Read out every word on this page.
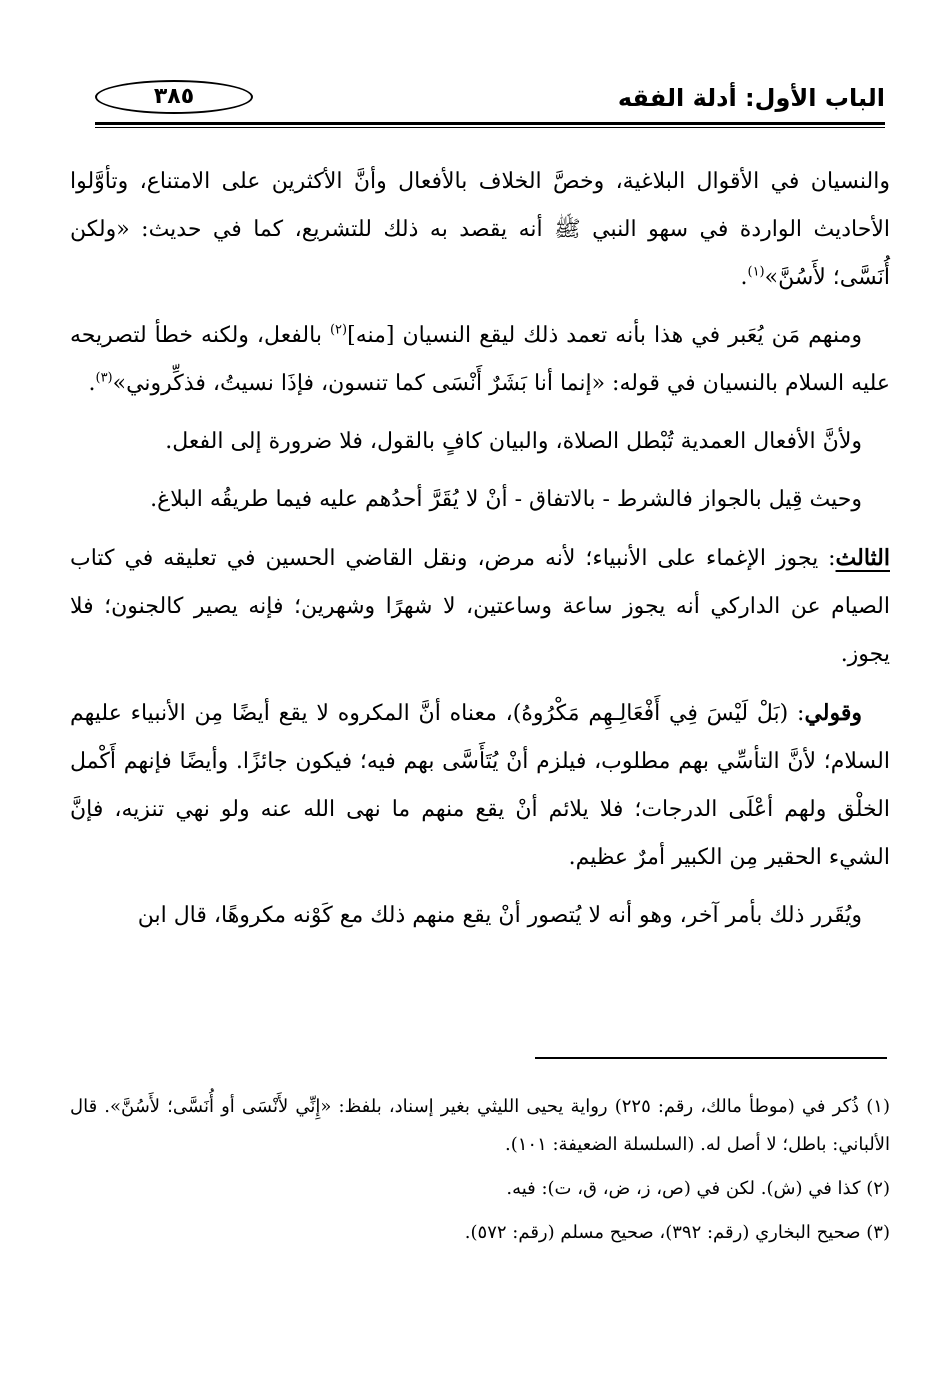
الباب الأول: أدلة الفقه
٣٨٥

والنسيان في الأقوال البلاغية، وخصَّ الخلاف بالأفعال وأنَّ الأكثرين على الامتناع، وتأوَّلوا الأحاديث الواردة في سهو النبي ﷺ أنه يقصد به ذلك للتشريع، كما في حديث: «ولكن أُنَسَّى؛ لأَسُنَّ»$^{(١)}$.

ومنهم مَن يُعَبر في هذا بأنه تعمد ذلك ليقع النسيان [منه]$^{(٢)}$ بالفعل، ولكنه خطأ لتصريحه عليه السلام بالنسيان في قوله: «إنما أنا بَشَرٌ أَنْسَى كما تنسون، فإذَا نسيتُ، فذكِّروني»$^{(٣)}$.

ولأنَّ الأفعال العمدية تُبْطل الصلاة، والبيان كافٍ بالقول، فلا ضرورة إلى الفعل.

وحيث قِيل بالجواز فالشرط - بالاتفاق - أنْ لا يُقَرَّ أحدُهم عليه فيما طريقُه البلاغ.

الثالث: يجوز الإغماء على الأنبياء؛ لأنه مرض، ونقل القاضي الحسين في تعليقه في كتاب الصيام عن الداركي أنه يجوز ساعة وساعتين، لا شهرًا وشهرين؛ فإنه يصير كالجنون؛ فلا يجوز.

وقولي: (بَلْ لَيْسَ فِي أَفْعَالِـهِم مَكْرُوهُ)، معناه أنَّ المكروه لا يقع أيضًا مِن الأنبياء عليهم السلام؛ لأنَّ التأسِّي بهم مطلوب، فيلزم أنْ يُتَأَسَّى بهم فيه؛ فيكون جائزًا. وأيضًا فإنهم أَكْمل الخلْق ولهم أعْلَى الدرجات؛ فلا يلائم أنْ يقع منهم ما نهى الله عنه ولو نهي تنزيه، فإنَّ الشيء الحقير مِن الكبير أمرٌ عظيم.

ويُقَرر ذلك بأمر آخر، وهو أنه لا يُتصور أنْ يقع منهم ذلك مع كَوْنه مكروهًا، قال ابن

(١) ذُكر في (موطأ مالك، رقم: ٢٢٥) رواية يحيى الليثي بغير إسناد، بلفظ: «إِنِّي لأَنْسَى أو أُنَسَّى؛ لأَسُنَّ». قال الألباني: باطل؛ لا أصل له. (السلسلة الضعيفة: ١٠١).

(٢) كذا في (ش). لكن في (ص، ز، ض، ق، ت): فيه.

(٣) صحيح البخاري (رقم: ٣٩٢)، صحيح مسلم (رقم: ٥٧٢).
